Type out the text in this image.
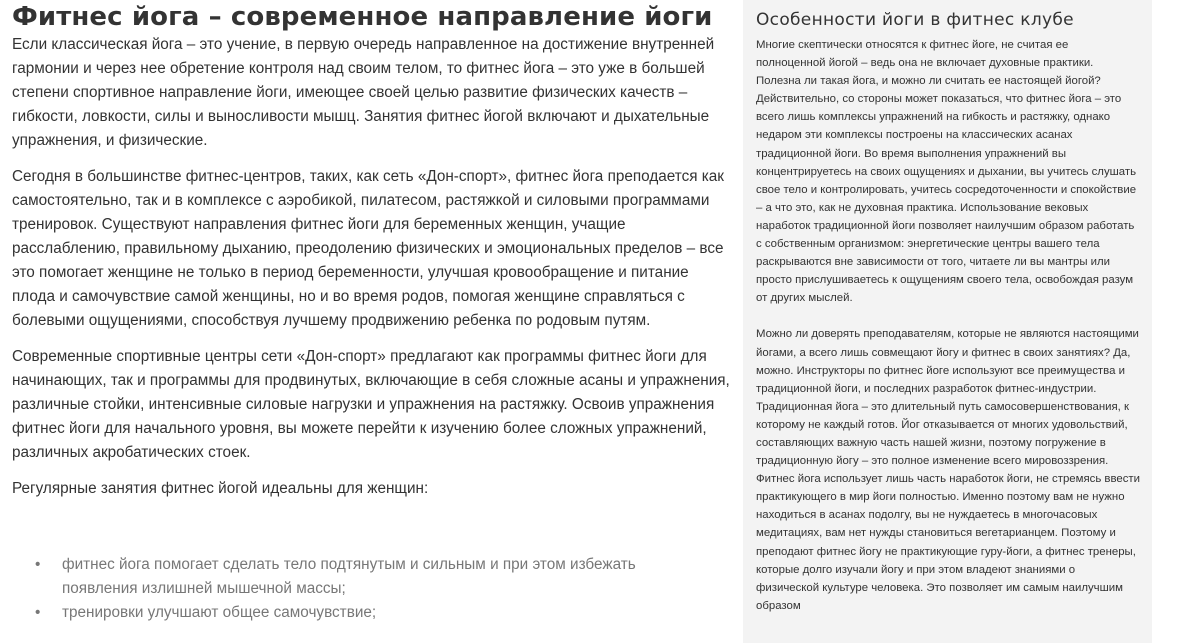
Фитнес йога – современное направление йоги

Если классическая йога – это учение, в первую очередь направленное на достижение внутренней гармонии и через нее обретение контроля над своим телом, то фитнес йога – это уже в большей степени спортивное направление йоги, имеющее своей целью развитие физических качеств – гибкости, ловкости, силы и выносливости мышц. Занятия фитнес йогой включают и дыхательные упражнения, и физические.

Сегодня в большинстве фитнес-центров, таких, как сеть «Дон-спорт», фитнес йога преподается как самостоятельно, так и в комплексе с аэробикой, пилатесом, растяжкой и силовыми программами тренировок. Существуют направления фитнес йоги для беременных женщин, учащие расслаблению, правильному дыханию, преодолению физических и эмоциональных пределов – все это помогает женщине не только в период беременности, улучшая кровообращение и питание плода и самочувствие самой женщины, но и во время родов, помогая женщине справляться с болевыми ощущениями, способствуя лучшему продвижению ребенка по родовым путям.

Современные спортивные центры сети «Дон-спорт» предлагают как программы фитнес йоги для начинающих, так и программы для продвинутых, включающие в себя сложные асаны и упражнения, различные стойки, интенсивные силовые нагрузки и упражнения на растяжку. Освоив упражнения фитнес йоги для начального уровня, вы можете перейти к изучению более сложных упражнений, различных акробатических стоек.

Регулярные занятия фитнес йогой идеальны для женщин:

• фитнес йога помогает сделать тело подтянутым и сильным и при этом избежать появления излишней мышечной массы;
• тренировки улучшают общее самочувствие;
Особенности йоги в фитнес клубе

Многие скептически относятся к фитнес йоге, не считая ее полноценной йогой – ведь она не включает духовные практики. Полезна ли такая йога, и можно ли считать ее настоящей йогой? Действительно, со стороны может показаться, что фитнес йога – это всего лишь комплексы упражнений на гибкость и растяжку, однако недаром эти комплексы построены на классических асанах традиционной йоги. Во время выполнения упражнений вы концентрируетесь на своих ощущениях и дыхании, вы учитесь слушать свое тело и контролировать, учитесь сосредоточенности и спокойствие – а что это, как не духовная практика. Использование вековых наработок традиционной йоги позволяет наилучшим образом работать с собственным организмом: энергетические центры вашего тела раскрываются вне зависимости от того, читаете ли вы мантры или просто прислушиваетесь к ощущениям своего тела, освобождая разум от других мыслей.

Можно ли доверять преподавателям, которые не являются настоящими йогами, а всего лишь совмещают йогу и фитнес в своих занятиях? Да, можно. Инструкторы по фитнес йоге используют все преимущества и традиционной йоги, и последних разработок фитнес-индустрии. Традиционная йога – это длительный путь самосовершенствования, к которому не каждый готов. Йог отказывается от многих удовольствий, составляющих важную часть нашей жизни, поэтому погружение в традиционную йогу – это полное изменение всего мировоззрения. Фитнес йога использует лишь часть наработок йоги, не стремясь ввести практикующего в мир йоги полностью. Именно поэтому вам не нужно находиться в асанах подолгу, вы не нуждаетесь в многочасовых медитациях, вам нет нужды становиться вегетарианцем. Поэтому и преподают фитнес йогу не практикующие гуру-йоги, а фитнес тренеры, которые долго изучали йогу и при этом владеют знаниями о физической культуре человека. Это позволяет им самым наилучшим образом
